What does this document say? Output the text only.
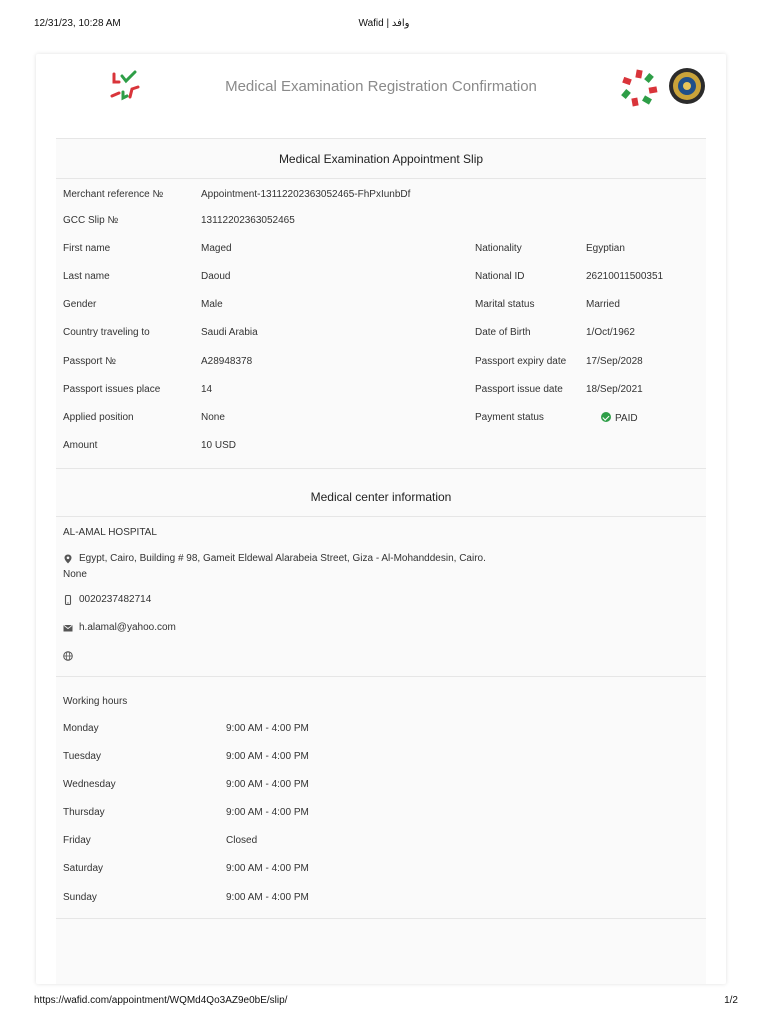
12/31/23, 10:28 AM	Wafid | وافد
Medical Examination Registration Confirmation
Medical Examination Appointment Slip
Merchant reference №	Appointment-13112202363052465-FhPxIunbDf
GCC Slip №	13112202363052465
First name	Maged
Last name	Daoud
Gender	Male
Country traveling to	Saudi Arabia
Passport №	A28948378
Passport issues place	14
Applied position	None
Amount	10 USD
Nationality	Egyptian
National ID	26210011500351
Marital status	Married
Date of Birth	1/Oct/1962
Passport expiry date 17/Sep/2028
Passport issue date 18/Sep/2021
Payment status	PAID
Medical center information
AL-AMAL HOSPITAL
Egypt, Cairo, Building # 98, Gameit Eldewal Alarabeia Street, Giza - Al-Mohanddesin, Cairo.
None
0020237482714
h.alamal@yahoo.com
Working hours
Monday	9:00 AM - 4:00 PM
Tuesday	9:00 AM - 4:00 PM
Wednesday	9:00 AM - 4:00 PM
Thursday	9:00 AM - 4:00 PM
Friday	Closed
Saturday	9:00 AM - 4:00 PM
Sunday	9:00 AM - 4:00 PM
https://wafid.com/appointment/WQMd4Qo3AZ9e0bE/slip/	1/2
